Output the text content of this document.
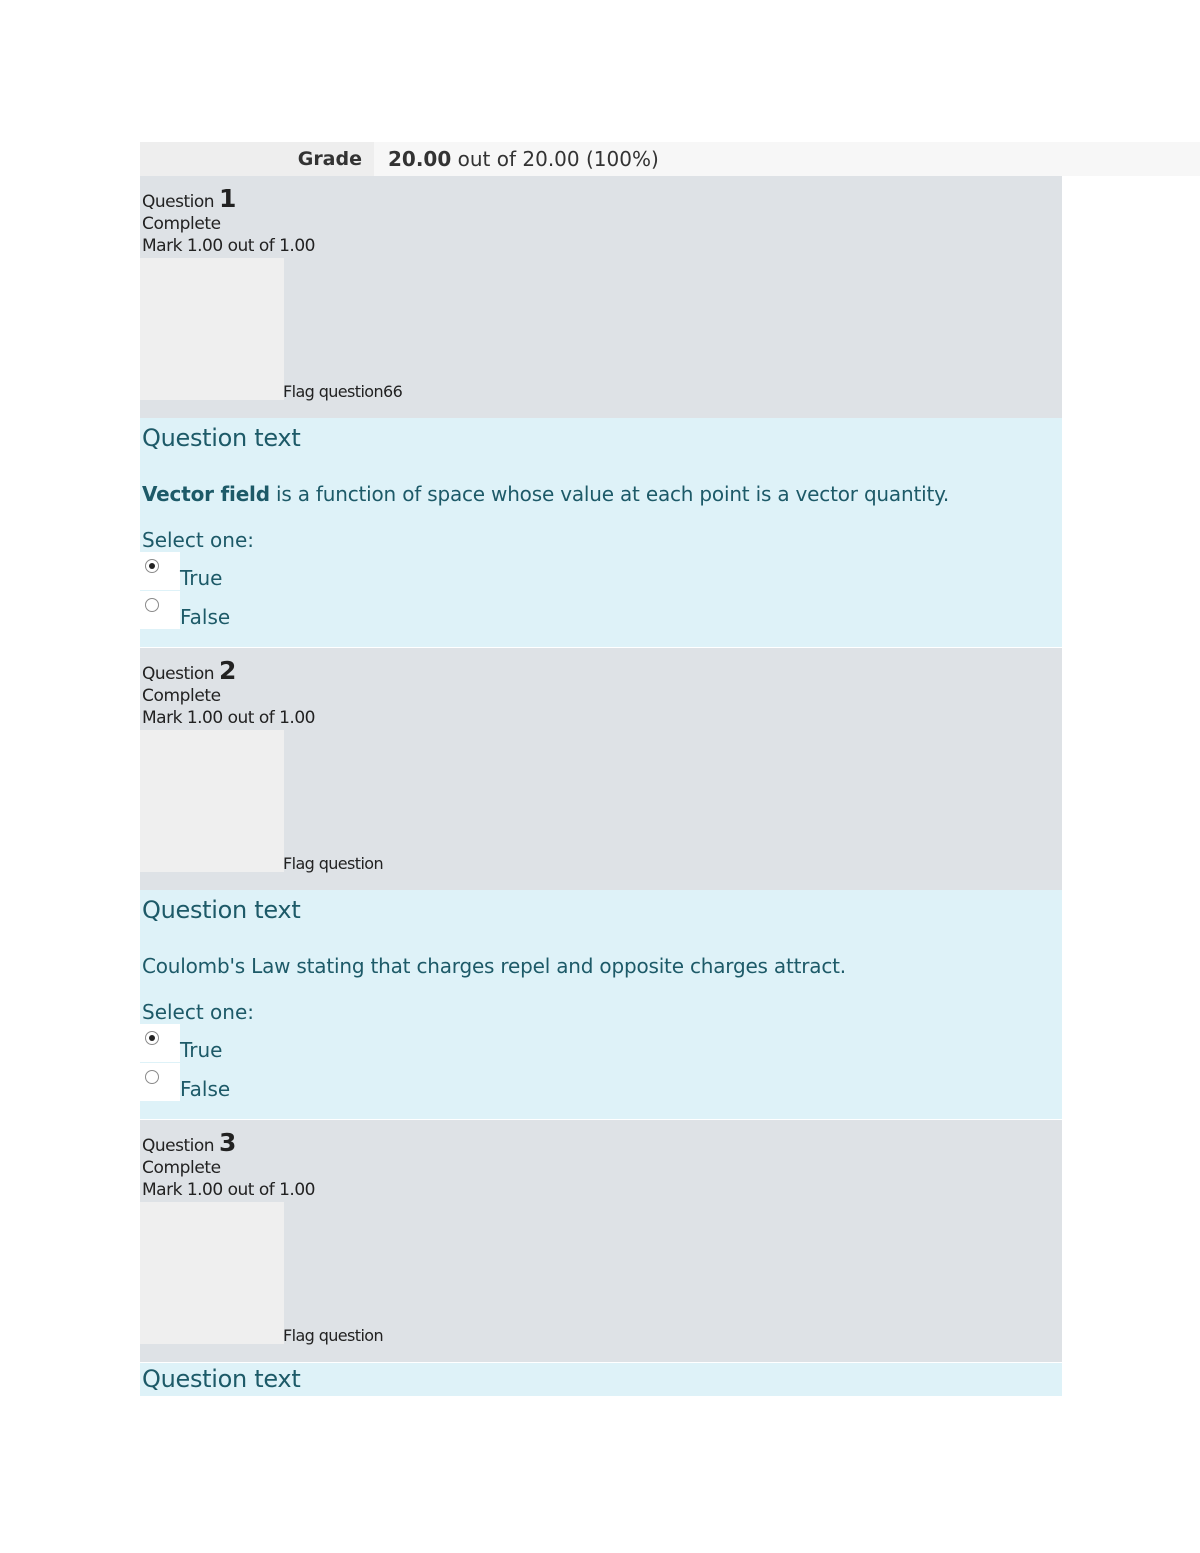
Grade	20.00
out of 20.00 (100%)
Question 1
Complete
Mark 1.00 out of 1.00
Flag question66
Question text
Vector field is a function of space whose value at each point is a vector quantity.
Select one:
True
False
Question 2
Complete
Mark 1.00 out of 1.00
Flag question
Question text
Coulomb's Law stating that charges repel and opposite charges attract.
Select one:
True
False
Question 3
Complete
Mark 1.00 out of 1.00
Flag question
Question text
